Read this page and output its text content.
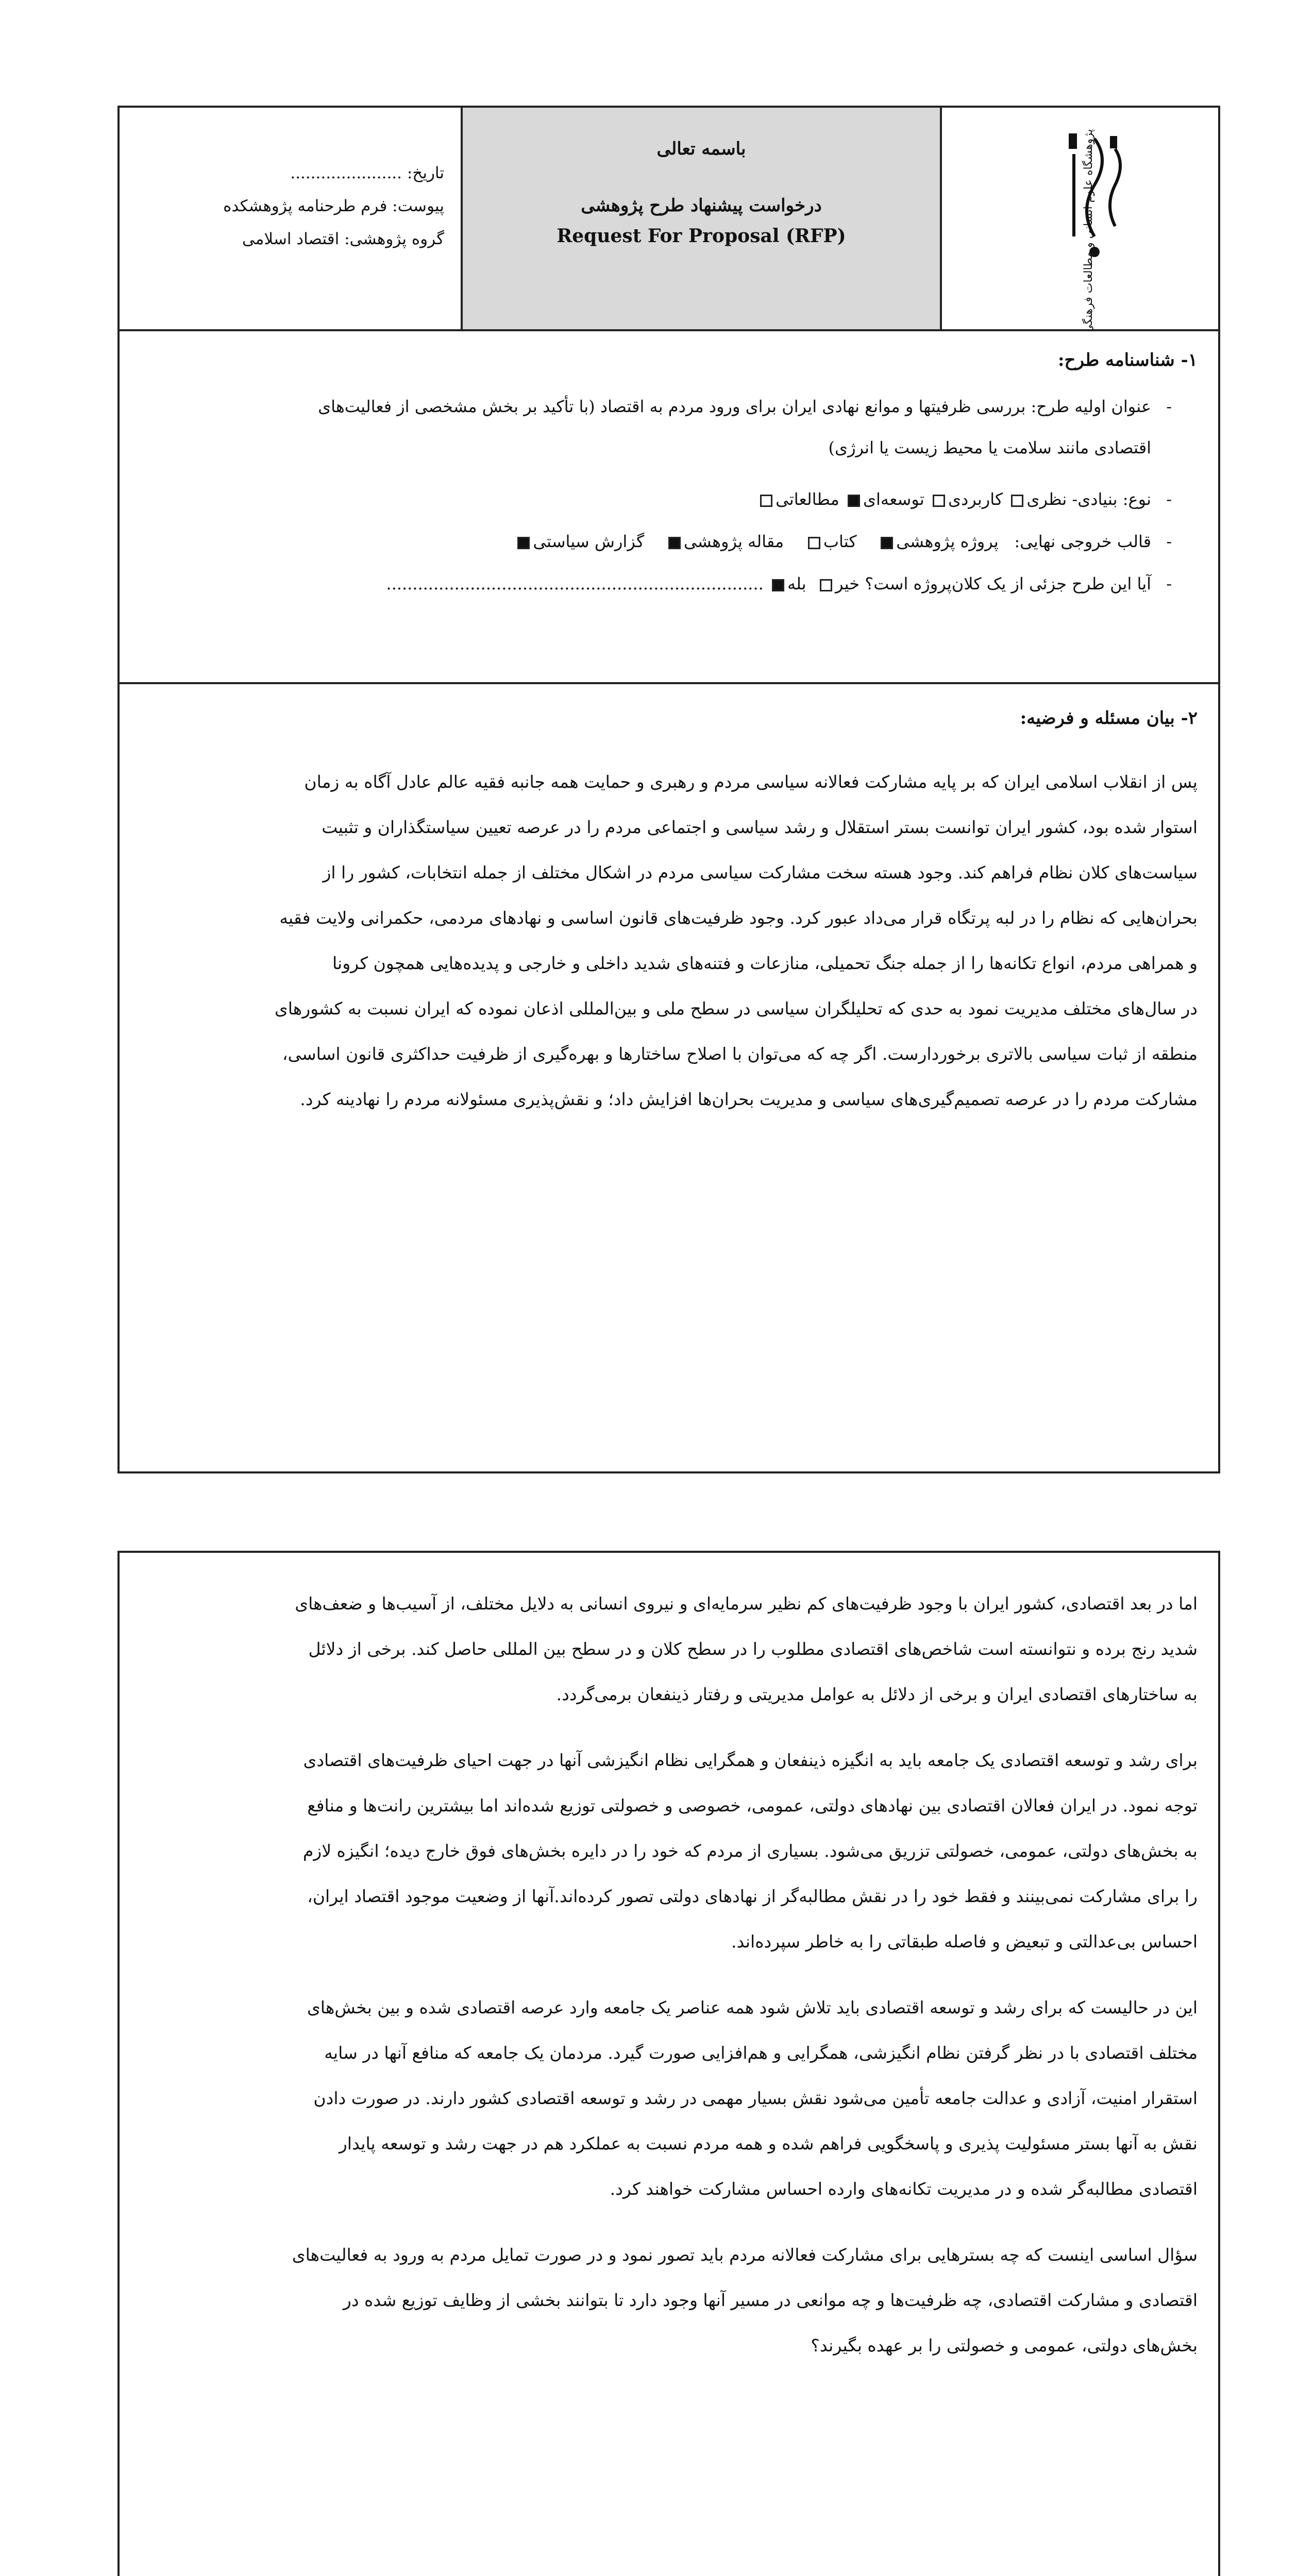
پژوهشگاه علوم انسانی و مطالعات فرهنگی
باسمه تعالی
درخواست پیشنهاد طرح پژوهشی
Request For Proposal (RFP)
تاریخ: ......................
پیوست: فرم طرحنامه پژوهشکده
گروه پژوهشی: اقتصاد اسلامی

۱- شناسنامه طرح:

-عنوان اولیه طرح: بررسی ظرفیتها و موانع نهادی ایران برای ورود مردم به اقتصاد (با تأکید بر بخش مشخصی از فعالیت‌های

اقتصادی مانند سلامت یا محیط زیست یا انرژی)

-نوع: بنیادی- نظری کاربردی توسعه‌ای مطالعاتی

-قالب خروجی نهایی:   پروژه پژوهشی    کتاب    مقاله پژوهشی    گزارش سیاستی

-آیا این طرح جزئی از یک کلان‌پروژه است؟ خیر  بله ........................................................................

۲- بیان مسئله و فرضیه:

پس از انقلاب اسلامی ایران که بر پایه مشارکت فعالانه سیاسی مردم و رهبری و حمایت همه جانبه فقیه عالم عادل آگاه به زمان

استوار شده بود، کشور ایران توانست بستر استقلال و رشد سیاسی و اجتماعی مردم را در عرصه تعیین سیاستگذاران و تثبیت

سیاست‌های کلان نظام فراهم کند. وجود هسته سخت مشارکت سیاسی مردم در اشکال مختلف از جمله انتخابات، کشور را از

بحران‌هایی که نظام را در لبه پرتگاه قرار می‌داد عبور کرد. وجود ظرفیت‌های قانون اساسی و نهادهای مردمی، حکمرانی ولایت فقیه

و همراهی مردم، انواع تکانه‌ها را از جمله جنگ تحمیلی، منازعات و فتنه‌های شدید داخلی و خارجی و پدیده‌هایی همچون کرونا

در سال‌های مختلف مدیریت نمود به حدی که تحلیلگران سیاسی در سطح ملی و بین‌المللی اذعان نموده که ایران نسبت به کشورهای

منطقه از ثبات سیاسی بالاتری برخوردارست. اگر چه که می‌توان با اصلاح ساختارها و بهره‌گیری از ظرفیت حداکثری قانون اساسی،

مشارکت مردم را در عرصه تصمیم‌گیری‌های سیاسی و مدیریت بحران‌ها افزایش داد؛ و نقش‌پذیری مسئولانه مردم را نهادینه کرد.

اما در بعد اقتصادی، کشور ایران با وجود ظرفیت‌های کم نظیر سرمایه‌ای و نیروی انسانی به دلایل مختلف، از آسیب‌ها و ضعف‌های

شدید رنج برده و نتوانسته است شاخص‌های اقتصادی مطلوب را در سطح کلان و در سطح بین المللی حاصل کند. برخی از دلائل

به ساختارهای اقتصادی ایران و برخی از دلائل به عوامل مدیریتی و رفتار ذینفعان برمی‌گردد.

برای رشد و توسعه اقتصادی یک جامعه باید به انگیزه ذینفعان و همگرایی نظام انگیزشی آنها در جهت احیای ظرفیت‌های اقتصادی

توجه نمود. در ایران فعالان اقتصادی بین نهادهای دولتی، عمومی، خصوصی و خصولتی توزیع شده‌اند اما بیشترین رانت‌ها و منافع

به بخش‌های دولتی، عمومی، خصولتی تزریق می‌شود. بسیاری از مردم که خود را در دایره بخش‌های فوق خارج دیده؛ انگیزه لازم

را برای مشارکت نمی‌بینند و فقط خود را در نقش مطالبه‌گر از نهادهای دولتی تصور کرده‌اند.آنها از وضعیت موجود اقتصاد ایران،

احساس بی‌عدالتی و تبعیض و فاصله طبقاتی را به خاطر سپرده‌اند.

این در حالیست که برای رشد و توسعه اقتصادی باید تلاش شود همه عناصر یک جامعه وارد عرصه اقتصادی شده و بین بخش‌های

مختلف اقتصادی با در نظر گرفتن نظام انگیزشی، همگرایی و هم‌افزایی صورت گیرد. مردمان یک جامعه که منافع آنها در سایه

استقرار امنیت، آزادی و عدالت جامعه تأمین می‌شود نقش بسیار مهمی در رشد و توسعه اقتصادی کشور دارند. در صورت دادن

نقش به آنها بستر مسئولیت پذیری و پاسخگویی فراهم شده و همه مردم نسبت به عملکرد هم در جهت رشد و توسعه پایدار

اقتصادی مطالبه‌گر شده و در مدیریت تکانه‌های وارده احساس مشارکت خواهند کرد.

سؤال اساسی اینست که چه بسترهایی برای مشارکت فعالانه مردم باید تصور نمود و در صورت تمایل مردم به ورود به فعالیت‌های

اقتصادی و مشارکت اقتصادی، چه ظرفیت‌ها و چه موانعی در مسیر آنها وجود دارد تا بتوانند بخشی از وظایف توزیع شده در

بخش‌های دولتی، عمومی و خصولتی را بر عهده بگیرند؟
